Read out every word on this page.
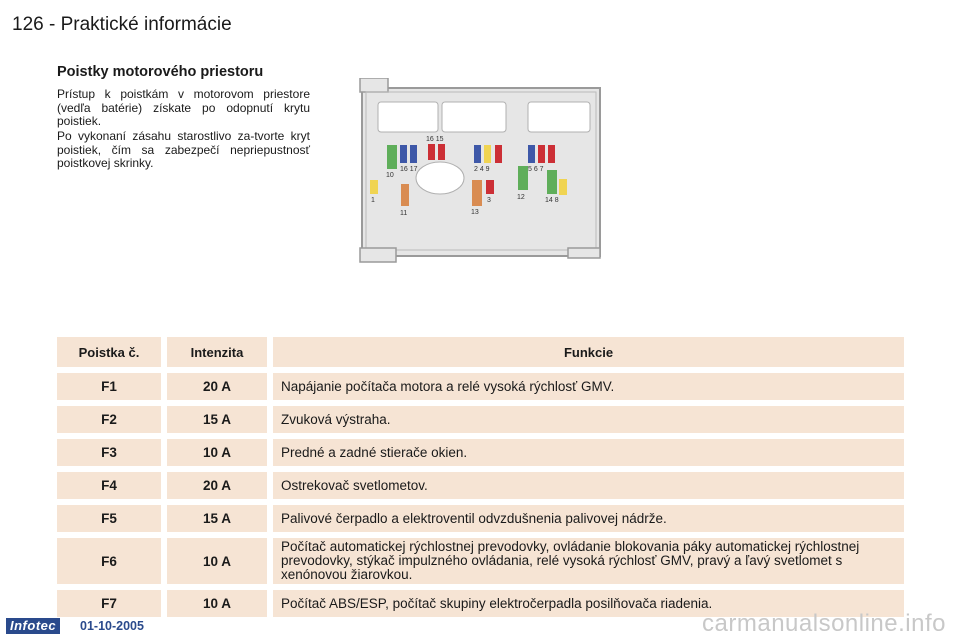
126 - Praktické informácie
Poistky motorového priestoru

Prístup k poistkám v motorovom priestore (vedľa batérie) získate po odopnutí krytu poistiek.

Po vykonaní zásahu starostlivo za-tvorte kryt poistiek, čím sa zabezpečí nepriepustnosť poistkovej skrinky.

16 15
16 17
10
1
11
2 4 9
3
13
12
5 6 7
14 8
Poistka č.	Intenzita	Funkcie
F1	20 A	Napájanie počítača motora a relé vysoká rýchlosť GMV.
F2	15 A	Zvuková výstraha.
F3	10 A	Predné a zadné stierače okien.
F4	20 A	Ostrekovač svetlometov.
F5	15 A	Palivové čerpadlo a elektroventil odvzdušnenia palivovej nádrže.
F6	10 A	Počítač automatickej rýchlostnej prevodovky, ovládanie blokovania páky automatickej rýchlostnej prevodovky, stýkač impulzného ovládania, relé vysoká rýchlosť GMV, pravý a ľavý svetlomet s xenónovou žiarovkou.
F7	10 A	Počítač ABS/ESP, počítač skupiny elektročerpadla posilňovača riadenia.
Infotec	01-10-2005	carmanualsonline.info
